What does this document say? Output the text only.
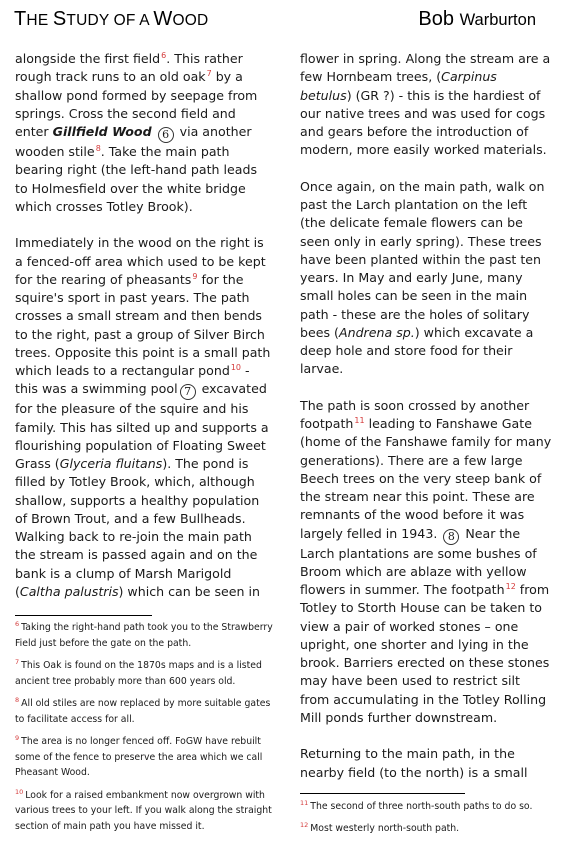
THE STUDY OF A WOOD	Bob Warburton

alongside the first field$^6$. This rather rough track runs to an old oak$^7$ by a shallow pond formed by seepage from springs. Cross the second field and enter Gillfield Wood 6 via another wooden stile$^8$. Take the main path bearing right (the left-hand path leads to Holmesfield over the white bridge which crosses Totley Brook).

Immediately in the wood on the right is a fenced-off area which used to be kept for the rearing of pheasants$^9$ for the squire's sport in past years. The path crosses a small stream and then bends to the right, past a group of Silver Birch trees. Opposite this point is a small path which leads to a rectangular pond$^{10}$ - this was a swimming pool 7 excavated for the pleasure of the squire and his family. This has silted up and supports a flourishing population of Floating Sweet Grass (Glyceria fluitans). The pond is filled by Totley Brook, which, although shallow, supports a healthy population of Brown Trout, and a few Bullheads. Walking back to re-join the main path the stream is passed again and on the bank is a clump of Marsh Marigold (Caltha palustris) which can be seen in

flower in spring. Along the stream are a few Hornbeam trees, (Carpinus betulus) (GR ?) - this is the hardiest of our native trees and was used for cogs and gears before the introduction of modern, more easily worked materials.

Once again, on the main path, walk on past the Larch plantation on the left (the delicate female flowers can be seen only in early spring). These trees have been planted within the past ten years. In May and early June, many small holes can be seen in the main path - these are the holes of solitary bees (Andrena sp.) which excavate a deep hole and store food for their larvae.

The path is soon crossed by another footpath$^{11}$ leading to Fanshawe Gate (home of the Fanshawe family for many generations). There are a few large Beech trees on the very steep bank of the stream near this point. These are remnants of the wood before it was largely felled in 1943. 8 Near the Larch plantations are some bushes of Broom which are ablaze with yellow flowers in summer. The footpath$^{12}$ from Totley to Storth House can be taken to view a pair of worked stones – one upright, one shorter and lying in the brook. Barriers erected on these stones may have been used to restrict silt from accumulating in the Totley Rolling Mill ponds further downstream.

Returning to the main path, in the nearby field (to the north) is a small

$^6$ Taking the right-hand path took you to the Strawberry Field just before the gate on the path.
$^7$ This Oak is found on the 1870s maps and is a listed ancient tree probably more than 600 years old.
$^8$ All old stiles are now replaced by more suitable gates to facilitate access for all.
$^9$ The area is no longer fenced off. FoGW have rebuilt some of the fence to preserve the area which we call Pheasant Wood.
$^{10}$ Look for a raised embankment now overgrown with various trees to your left. If you walk along the straight section of main path you have missed it.
$^{11}$ The second of three north-south paths to do so.
$^{12}$ Most westerly north-south path.
